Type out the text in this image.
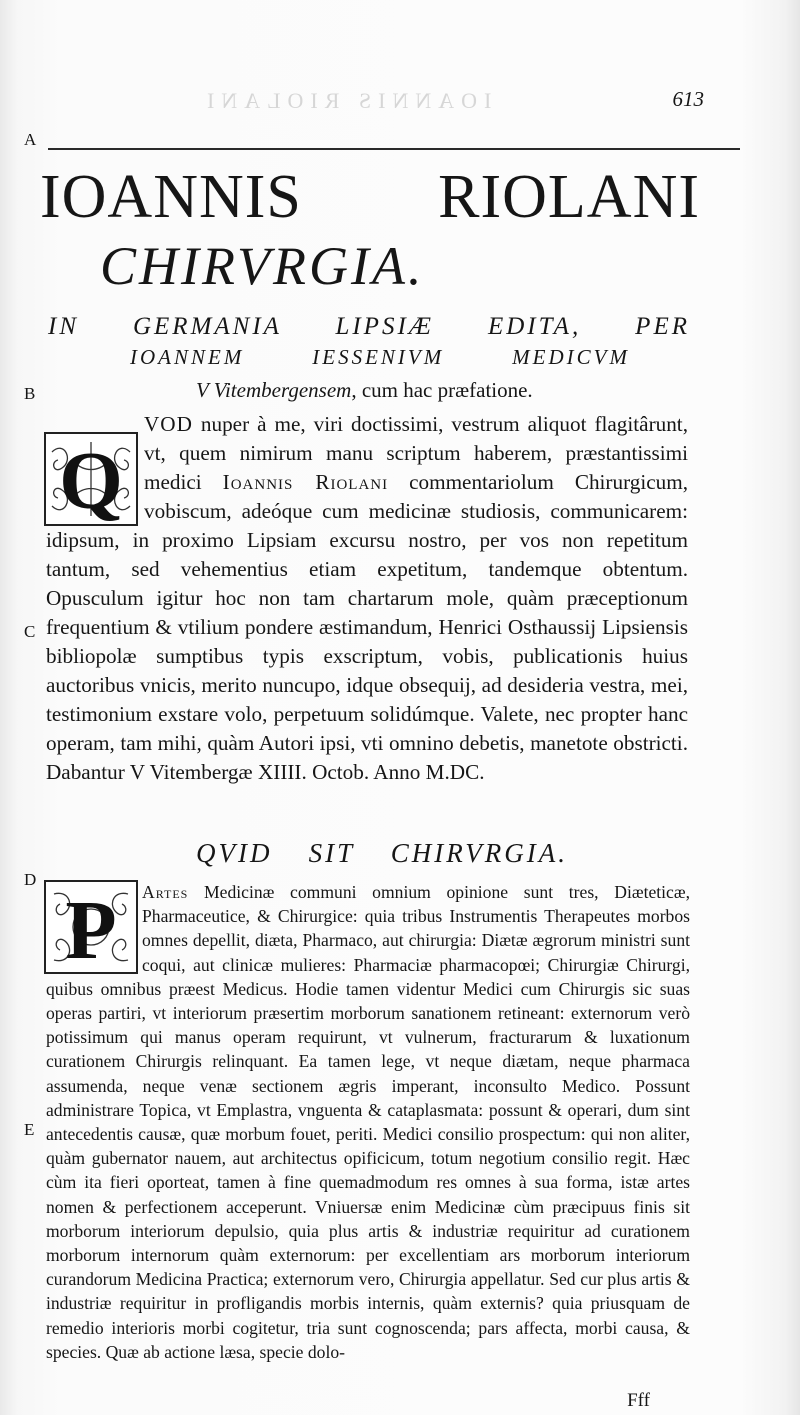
IOANNIS RIOLANI	613
A
B
C
D
E
IOANNIS RIOLANI
CHIRVRGIA.
IN GERMANIA LIPSIÆ EDITA, PER
IOANNEM IESSENIVM MEDICVM
V Vitembergensem, cum hac præfatione.
Q

VOD nuper à me, viri doctissimi, vestrum aliquot flagitârunt, vt, quem nimirum manu scriptum haberem, præstantissimi medici Ioannis Riolani commentariolum Chirurgicum, vobiscum, adeóque cum medicinæ studiosis, communicarem: idipsum, in proximo Lipsiam excursu nostro, per vos non repetitum tantum, sed vehementius etiam expetitum, tandemque obtentum. Opusculum igitur hoc non tam chartarum mole, quàm præceptionum frequentium & vtilium pondere æstimandum, Henrici Osthaussij Lipsiensis bibliopolæ sumptibus typis exscriptum, vobis, publicationis huius auctoribus vnicis, merito nuncupo, idque obsequij, ad desideria vestra, mei, testimonium exstare volo, perpetuum solidúmque. Valete, nec propter hanc operam, tam mihi, quàm Autori ipsi, vti omnino debetis, manetote obstricti. Dabantur V Vitembergæ XIIII. Octob. Anno M.DC.

QVID SIT CHIRVRGIA.
P	Artes Medicinæ communi omnium opinione sunt tres, Diæteticæ, Pharmaceutice, & Chirurgice: quia tribus Instrumentis Therapeutes morbos omnes depellit, diæta, Pharmaco, aut chirurgia: Diætæ ægrorum ministri sunt coqui, aut clinicæ mulieres: Pharmaciæ pharmacopœi; Chirurgiæ Chirurgi, quibus omnibus præest Medicus. Hodie tamen videntur Medici cum Chirurgis sic suas operas partiri, vt interiorum præsertim morborum sanationem retineant: externorum verò potissimum qui manus operam requirunt, vt vulnerum, fracturarum & luxationum curationem Chirurgis relinquant. Ea tamen lege, vt neque diætam, neque pharmaca assumenda, neque venæ sectionem ægris imperant, inconsulto Medico. Possunt administrare Topica, vt Emplastra, vnguenta & cataplasmata: possunt & operari, dum sint antecedentis causæ, quæ morbum fouet, periti. Medici consilio prospectum: qui non aliter, quàm gubernator nauem, aut architectus opificicum, totum negotium consilio regit. Hæc cùm ita fieri oporteat, tamen à fine quemadmodum res omnes à sua forma, istæ artes nomen & perfectionem acceperunt. Vniuersæ enim Medicinæ cùm præcipuus finis sit morborum interiorum depulsio, quia plus artis & industriæ requiritur ad curationem morborum internorum quàm externorum: per excellentiam ars morborum interiorum curandorum Medicina Practica; externorum vero, Chirurgia appellatur. Sed cur plus artis & industriæ requiritur in profligandis morbis internis, quàm externis? quia priusquam de remedio interioris morbi cogitetur, tria sunt cognoscenda; pars affecta, morbi causa, & species. Quæ ab actione læsa, specie dolo-

Fff
